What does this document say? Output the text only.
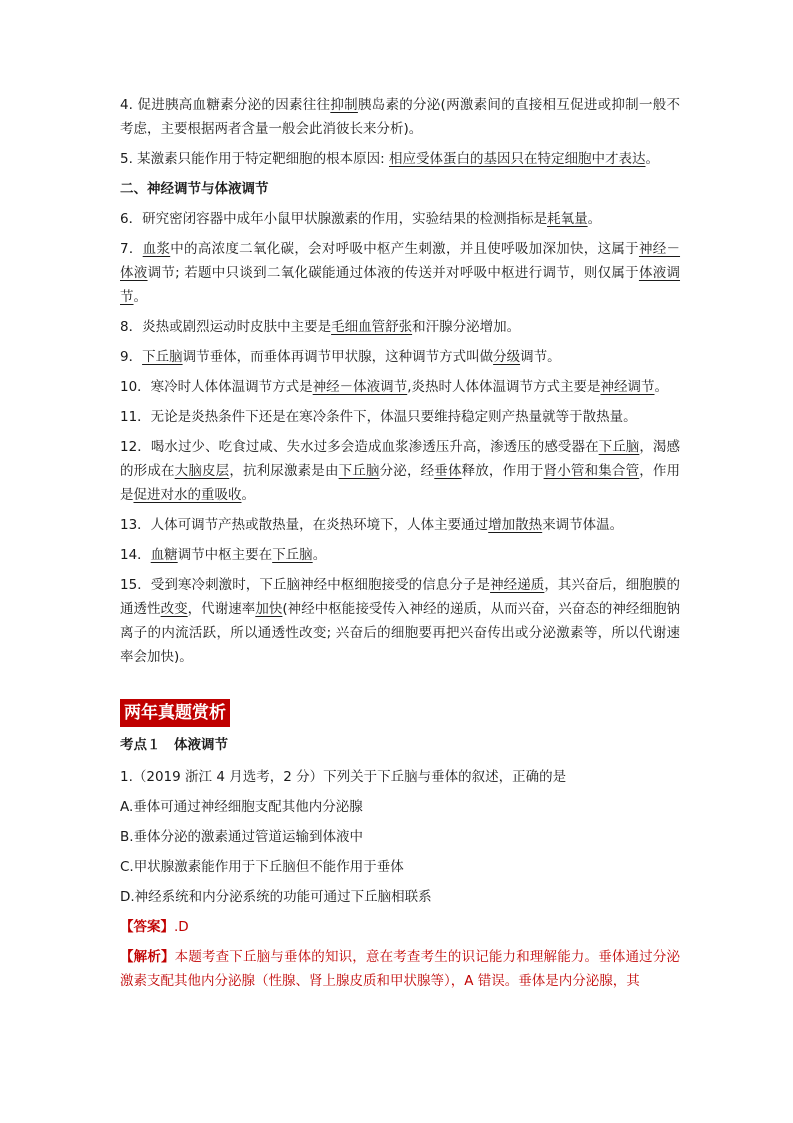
4. 促进胰高血糖素分泌的因素往往抑制胰岛素的分泌(两激素间的直接相互促进或抑制一般不考虑，主要根据两者含量一般会此消彼长来分析)。
5. 某激素只能作用于特定靶细胞的根本原因: 相应受体蛋白的基因只在特定细胞中才表达。
二、神经调节与体液调节
6．研究密闭容器中成年小鼠甲状腺激素的作用，实验结果的检测指标是耗氧量。
7．血浆中的高浓度二氧化碳，会对呼吸中枢产生刺激，并且使呼吸加深加快，这属于神经－体液调节; 若题中只谈到二氧化碳能通过体液的传送并对呼吸中枢进行调节，则仅属于体液调节。
8．炎热或剧烈运动时皮肤中主要是毛细血管舒张和汗腺分泌增加。
9．下丘脑调节垂体，而垂体再调节甲状腺，这种调节方式叫做分级调节。
10．寒冷时人体体温调节方式是神经－体液调节,炎热时人体体温调节方式主要是神经调节。
11．无论是炎热条件下还是在寒冷条件下，体温只要维持稳定则产热量就等于散热量。
12．喝水过少、吃食过咸、失水过多会造成血浆渗透压升高，渗透压的感受器在下丘脑，渴感的形成在大脑皮层，抗利尿激素是由下丘脑分泌，经垂体释放，作用于肾小管和集合管，作用是促进对水的重吸收。
13．人体可调节产热或散热量，在炎热环境下，人体主要通过增加散热来调节体温。
14．血糖调节中枢主要在下丘脑。
15．受到寒冷刺激时，下丘脑神经中枢细胞接受的信息分子是神经递质，其兴奋后，细胞膜的通透性改变，代谢速率加快(神经中枢能接受传入神经的递质，从而兴奋，兴奋态的神经细胞钠离子的内流活跃，所以通透性改变; 兴奋后的细胞要再把兴奋传出或分泌激素等，所以代谢速率会加快)。
两年真题赏析
考点１　体液调节
1.（2019 浙江 4 月选考，2 分）下列关于下丘脑与垂体的叙述，正确的是
A.垂体可通过神经细胞支配其他内分泌腺
B.垂体分泌的激素通过管道运输到体液中
C.甲状腺激素能作用于下丘脑但不能作用于垂体
D.神经系统和内分泌系统的功能可通过下丘脑相联系
【答案】.D
【解析】本题考查下丘脑与垂体的知识，意在考查考生的识记能力和理解能力。垂体通过分泌激素支配其他内分泌腺（性腺、肾上腺皮质和甲状腺等），A 错误。垂体是内分泌腺，其
